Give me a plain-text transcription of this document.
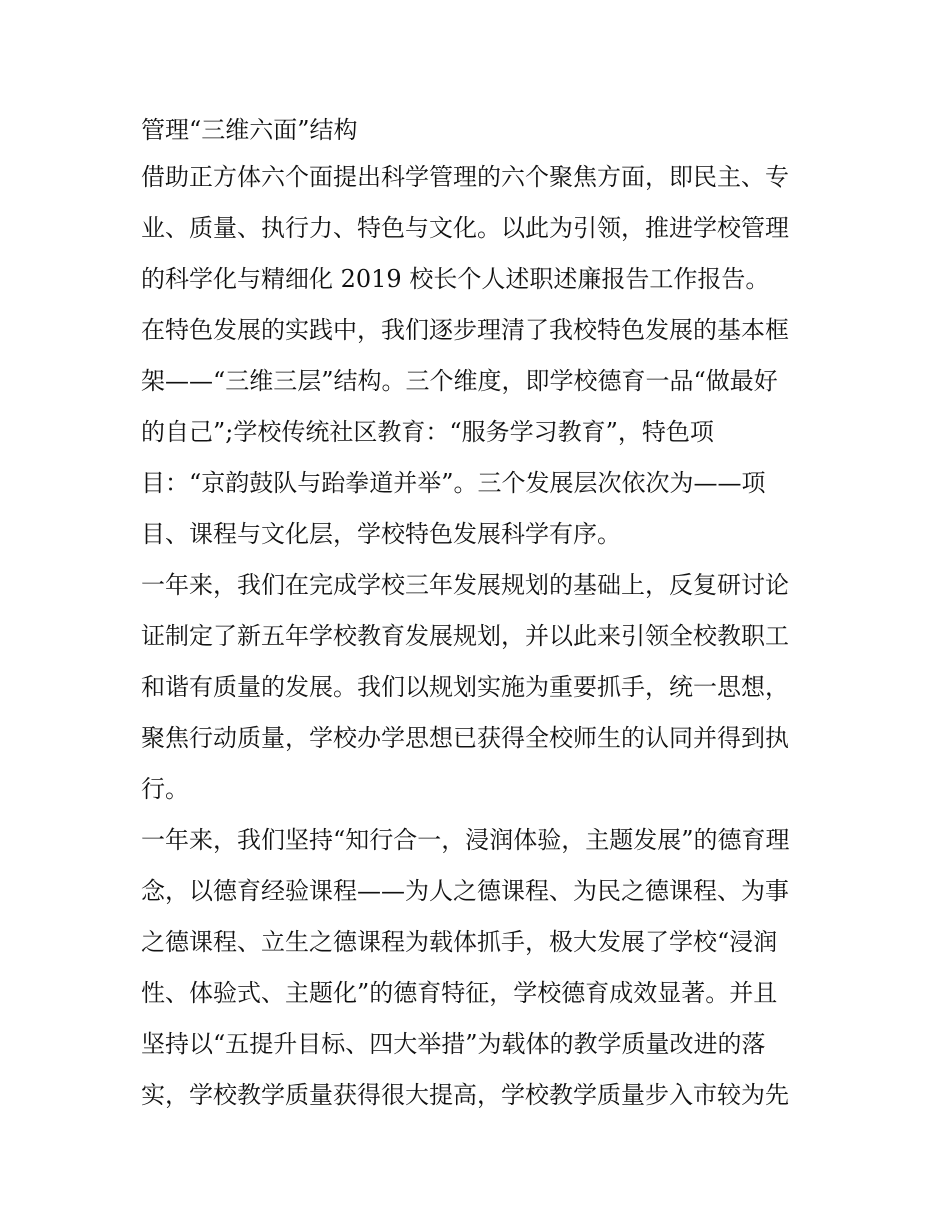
管理“三维六面”结构
借助正方体六个面提出科学管理的六个聚焦方面，即民主、专
业、质量、执行力、特色与文化。以此为引领，推进学校管理
的科学化与精细化 2019 校长个人述职述廉报告工作报告。
在特色发展的实践中，我们逐步理清了我校特色发展的基本框
架——“三维三层”结构。三个维度，即学校德育一品“做最好
的自己”;学校传统社区教育：“服务学习教育”，特色项
目：“京韵鼓队与跆拳道并举”。三个发展层次依次为——项
目、课程与文化层，学校特色发展科学有序。
一年来，我们在完成学校三年发展规划的基础上，反复研讨论
证制定了新五年学校教育发展规划，并以此来引领全校教职工
和谐有质量的发展。我们以规划实施为重要抓手，统一思想，
聚焦行动质量，学校办学思想已获得全校师生的认同并得到执
行。
一年来，我们坚持“知行合一，浸润体验，主题发展”的德育理
念，以德育经验课程——为人之德课程、为民之德课程、为事
之德课程、立生之德课程为载体抓手，极大发展了学校“浸润
性、体验式、主题化”的德育特征，学校德育成效显著。并且
坚持以“五提升目标、四大举措”为载体的教学质量改进的落
实，学校教学质量获得很大提高，学校教学质量步入市较为先
